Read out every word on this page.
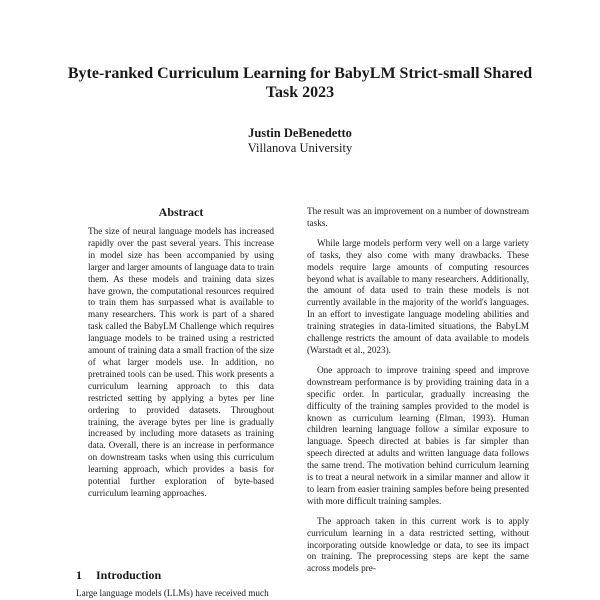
Byte-ranked Curriculum Learning for BabyLM Strict-small Shared Task 2023
Justin DeBenedetto
Villanova University
Abstract

The size of neural language models has increased rapidly over the past several years. This increase in model size has been accompanied by using larger and larger amounts of language data to train them. As these models and training data sizes have grown, the computational resources required to train them has surpassed what is available to many researchers. This work is part of a shared task called the BabyLM Challenge which requires language models to be trained using a restricted amount of training data a small fraction of the size of what larger models use. In addition, no pretrained tools can be used. This work presents a curriculum learning approach to this data restricted setting by applying a bytes per line ordering to provided datasets. Throughout training, the average bytes per line is gradually increased by including more datasets as training data. Overall, there is an increase in performance on downstream tasks when using this curriculum learning approach, which provides a basis for potential further exploration of byte-based curriculum learning approaches.

1 Introduction
Large language models (LLMs) have received much

The result was an improvement on a number of downstream tasks.

While large models perform very well on a large variety of tasks, they also come with many drawbacks. These models require large amounts of computing resources beyond what is available to many researchers. Additionally, the amount of data used to train these models is not currently available in the majority of the world's languages. In an effort to investigate language modeling abilities and training strategies in data-limited situations, the BabyLM challenge restricts the amount of data available to models (Warstadt et al., 2023).

One approach to improve training speed and improve downstream performance is by providing training data in a specific order. In particular, gradually increasing the difficulty of the training samples provided to the model is known as curriculum learning (Elman, 1993). Human children learning language follow a similar exposure to language. Speech directed at babies is far simpler than speech directed at adults and written language data follows the same trend. The motivation behind curriculum learning is to treat a neural network in a similar manner and allow it to learn from easier training samples before being presented with more difficult training samples.

The approach taken in this current work is to apply curriculum learning in a data restricted setting, without incorporating outside knowledge or data, to see its impact on training. The preprocessing steps are kept the same across models pre-
